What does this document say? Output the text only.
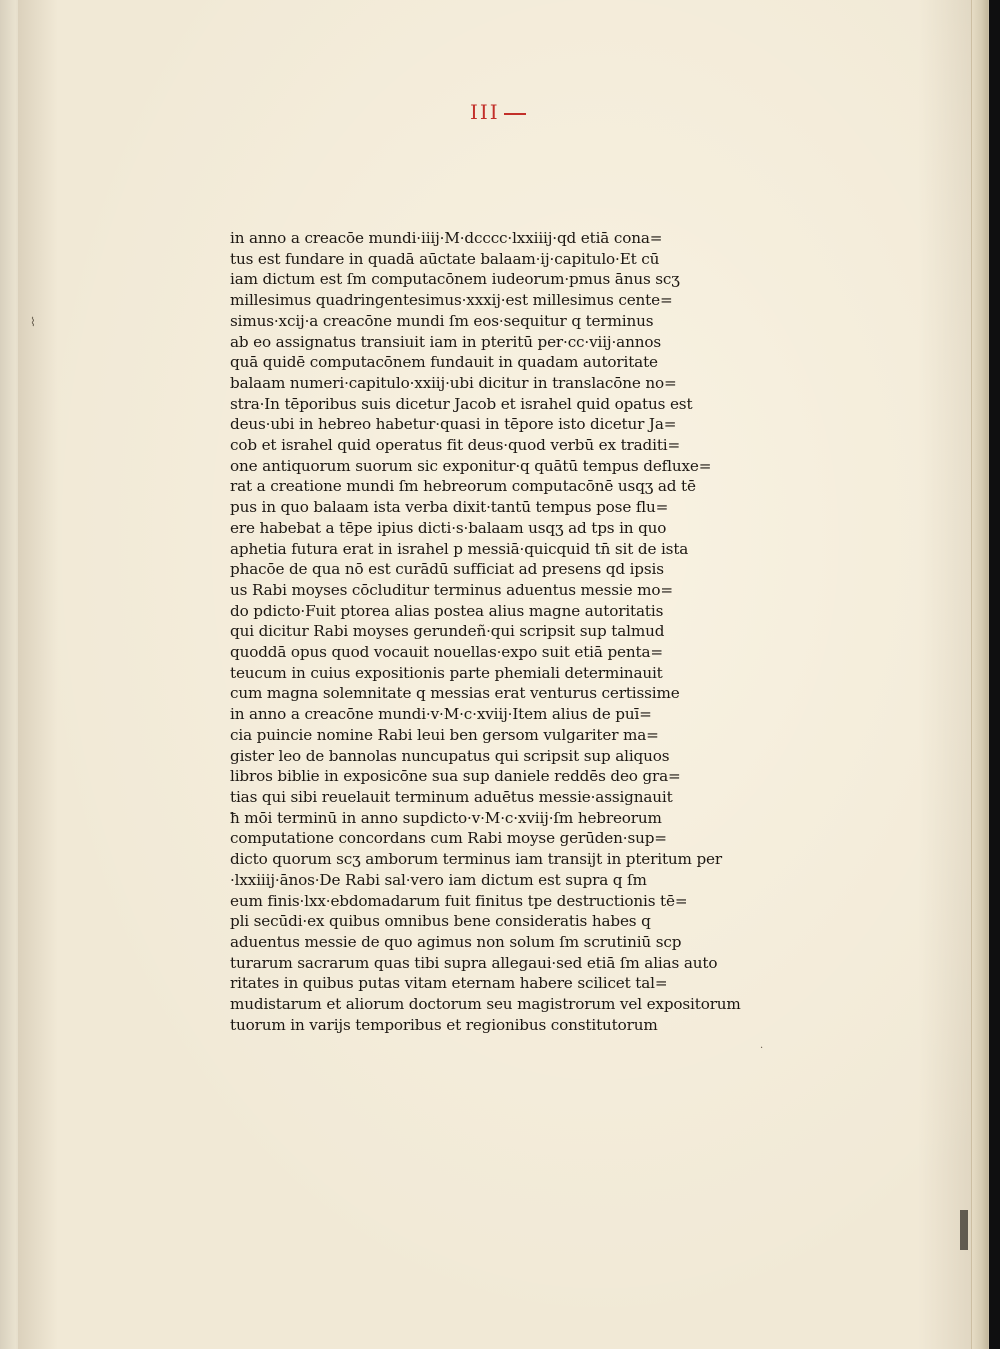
⌇
III
in anno a creacōe mundi·iiij·M·dcccc·lxxiiij·qd etiā cona=
tus est fundare in quadā aūctate balaam·ij·capitulo·Et cū
iam dictum est ſm computacōnem iudeorum·pmus ānus scʒ
millesimus quadringentesimus·xxxij·est millesimus cente=
simus·xcij·a creacōne mundi ſm eos·sequitur q terminus
ab eo assignatus transiuit iam in pteritū per·cc·viij·annos
quā quidē computacōnem fundauit in quadam autoritate
balaam numeri·capitulo·xxiij·ubi dicitur in translacōne no=
stra·In tēporibus suis dicetur Jacob et israhel quid opatus est
deus·ubi in hebreo habetur·quasi in tēpore isto dicetur Ja=
cob et israhel quid operatus fit deus·quod verbū ex traditi=
one antiquorum suorum sic exponitur·q quātū tempus defluxe=
rat a creatione mundi ſm hebreorum computacōnē usqʒ ad tē
pus in quo balaam ista verba dixit·tantū tempus pose flu=
ere habebat a tēpe ipius dicti·s·balaam usqʒ ad tps in quo
aphetia futura erat in israhel p messiā·quicquid tn̄ sit de ista
phacōe de qua nō est curādū sufficiat ad presens qd ipsis
us Rabi moyses cōcluditur terminus aduentus messie mo=
do pdicto·Fuit ptorea alias postea alius magne autoritatis
qui dicitur Rabi moyses gerundeñ·qui scripsit sup talmud
quoddā opus quod vocauit nouellas·expo suit etiā penta=
teucum in cuius expositionis parte phemiali determinauit
cum magna solemnitate q messias erat venturus certissime
in anno a creacōne mundi·v·M·c·xviij·Item alius de puī=
cia puincie nomine Rabi leui ben gersom vulgariter ma=
gister leo de bannolas nuncupatus qui scripsit sup aliquos
libros biblie in exposicōne sua sup daniele reddēs deo gra=
tias qui sibi reuelauit terminum aduētus messie·assignauit
ħ mōi terminū in anno supdicto·v·M·c·xviij·ſm hebreorum
computatione concordans cum Rabi moyse gerūden·sup=
dicto quorum scʒ amborum terminus iam transijt in pteritum per
·lxxiiij·ānos·De Rabi sal·vero iam dictum est supra q ſm
eum finis·lxx·ebdomadarum fuit finitus tpe destructionis tē=
pli secūdi·ex quibus omnibus bene consideratis habes q
aduentus messie de quo agimus non solum ſm scrutiniū scp
turarum sacrarum quas tibi supra allegaui·sed etiā ſm alias auto
ritates in quibus putas vitam eternam habere scilicet tal=
mudistarum et aliorum doctorum seu magistrorum vel expositorum
tuorum in varijs temporibus et regionibus constitutorum
·
